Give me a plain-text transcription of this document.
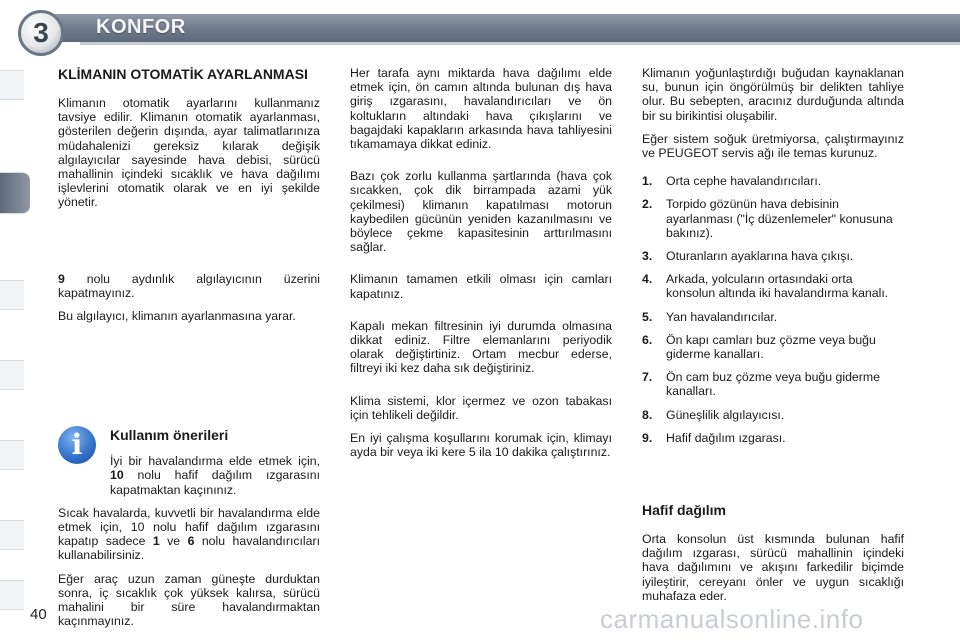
3	KONFOR
KLİMANIN OTOMATİK AYARLANMASI

Klimanın otomatik ayarlarını kullanmanız tavsiye edilir. Klimanın otomatik ayarlanması, gösterilen değerin dışında, ayar talimatlarınıza müdahalenizi gereksiz kılarak değişik algılayıcılar sayesinde hava debisi, sürücü mahallinin içindeki sıcaklık ve hava dağılımı işlevlerini otomatik olarak ve en iyi şekilde yönetir.

9 nolu aydınlık algılayıcının üzerini kapatmayınız.

Bu algılayıcı, klimanın ayarlanmasına yarar.

i	Kullanım önerileri

İyi bir havalandırma elde etmek için, 10 nolu hafif dağılım ızgarasını kapatmaktan kaçınınız.

Sıcak havalarda, kuvvetli bir havalandırma elde etmek için, 10 nolu hafif dağılım ızgarasını kapatıp sadece 1 ve 6 nolu havalandırıcıları kullanabilirsiniz.

Eğer araç uzun zaman güneşte durduktan sonra, iç sıcaklık çok yüksek kalırsa, sürücü mahalini bir süre havalandırmaktan kaçınmayınız.

Her tarafa aynı miktarda hava dağılımı elde etmek için, ön camın altında bulunan dış hava giriş ızgarasını, havalandırıcıları ve ön koltukların altındaki hava çıkışlarını ve bagajdaki kapakların arkasında hava tahliyesini tıkamamaya dikkat ediniz.

Bazı çok zorlu kullanma şartlarında (hava çok sıcakken, çok dik birrampada azami yük çekilmesi) klimanın kapatılması motorun kaybedilen gücünün yeniden kazanılmasını ve böylece çekme kapasitesinin arttırılmasını sağlar.

Klimanın tamamen etkili olması için camları kapatınız.

Kapalı mekan filtresinin iyi durumda olmasına dikkat ediniz. Filtre elemanlarını periyodik olarak değiştirtiniz. Ortam mecbur ederse, filtreyi iki kez daha sık değiştiriniz.

Klima sistemi, klor içermez ve ozon tabakası için tehlikeli değildir.

En iyi çalışma koşullarını korumak için, klimayı ayda bir veya iki kere 5 ila 10 dakika çalıştırınız.

Klimanın yoğunlaştırdığı buğudan kaynaklanan su, bunun için öngörülmüş bir delikten tahliye olur. Bu sebepten, aracınız durduğunda altında bir su birikintisi oluşabilir.

Eğer sistem soğuk üretmiyorsa, çalıştırmayınız ve PEUGEOT servis ağı ile temas kurunuz.

1. Orta cephe havalandırıcıları.
2. Torpido gözünün hava debisinin ayarlanması ("İç düzenlemeler" konusuna bakınız).
3. Oturanların ayaklarına hava çıkışı.
4. Arkada, yolcuların ortasındaki orta konsolun altında iki havalandırma kanalı.
5. Yan havalandırıcılar.
6. Ön kapı camları buz çözme veya buğu giderme kanalları.
7. Ön cam buz çözme veya buğu giderme kanalları.
8. Güneşlilik algılayıcısı.
9. Hafif dağılım ızgarası.
Hafif dağılım

Orta konsolun üst kısmında bulunan hafif dağılım ızgarası, sürücü mahallinin içindeki hava dağılımını ve akışını farkedilir biçimde iyileştirir, cereyanı önler ve uygun sıcaklığı muhafaza eder.

40	carmanualsonline.info
